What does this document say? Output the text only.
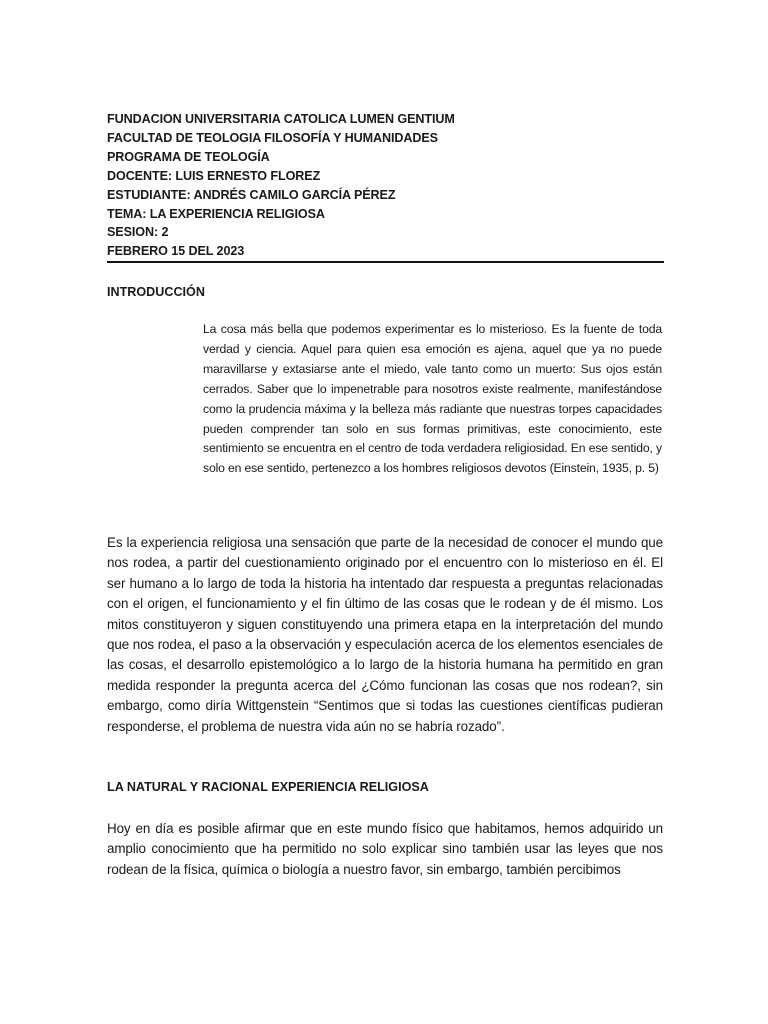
FUNDACION UNIVERSITARIA CATOLICA LUMEN GENTIUM
FACULTAD DE TEOLOGIA FILOSOFÍA Y HUMANIDADES
PROGRAMA DE TEOLOGÍA
DOCENTE: LUIS ERNESTO FLOREZ
ESTUDIANTE: ANDRÉS CAMILO GARCÍA PÉREZ
TEMA: LA EXPERIENCIA RELIGIOSA
SESION: 2
FEBRERO 15 DEL 2023
INTRODUCCIÓN
La cosa más bella que podemos experimentar es lo misterioso. Es la fuente de toda verdad y ciencia. Aquel para quien esa emoción es ajena, aquel que ya no puede maravillarse y extasiarse ante el miedo, vale tanto como un muerto: Sus ojos están cerrados. Saber que lo impenetrable para nosotros existe realmente, manifestándose como la prudencia máxima y la belleza más radiante que nuestras torpes capacidades pueden comprender tan solo en sus formas primitivas, este conocimiento, este sentimiento se encuentra en el centro de toda verdadera religiosidad. En ese sentido, y solo en ese sentido, pertenezco a los hombres religiosos devotos (Einstein, 1935, p. 5)
Es la experiencia religiosa una sensación que parte de la necesidad de conocer el mundo que nos rodea, a partir del cuestionamiento originado por el encuentro con lo misterioso en él. El ser humano a lo largo de toda la historia ha intentado dar respuesta a preguntas relacionadas con el origen, el funcionamiento y el fin último de las cosas que le rodean y de él mismo. Los mitos constituyeron y siguen constituyendo una primera etapa en la interpretación del mundo que nos rodea, el paso a la observación y especulación acerca de los elementos esenciales de las cosas, el desarrollo epistemológico a lo largo de la historia humana ha permitido en gran medida responder la pregunta acerca del ¿Cómo funcionan las cosas que nos rodean?, sin embargo, como diría Wittgenstein “Sentimos que si todas las cuestiones científicas pudieran responderse, el problema de nuestra vida aún no se habría rozado”.
LA NATURAL Y RACIONAL EXPERIENCIA RELIGIOSA
Hoy en día es posible afirmar que en este mundo físico que habitamos, hemos adquirido un amplio conocimiento que ha permitido no solo explicar sino también usar las leyes que nos rodean de la física, química o biología a nuestro favor, sin embargo, también percibimos
